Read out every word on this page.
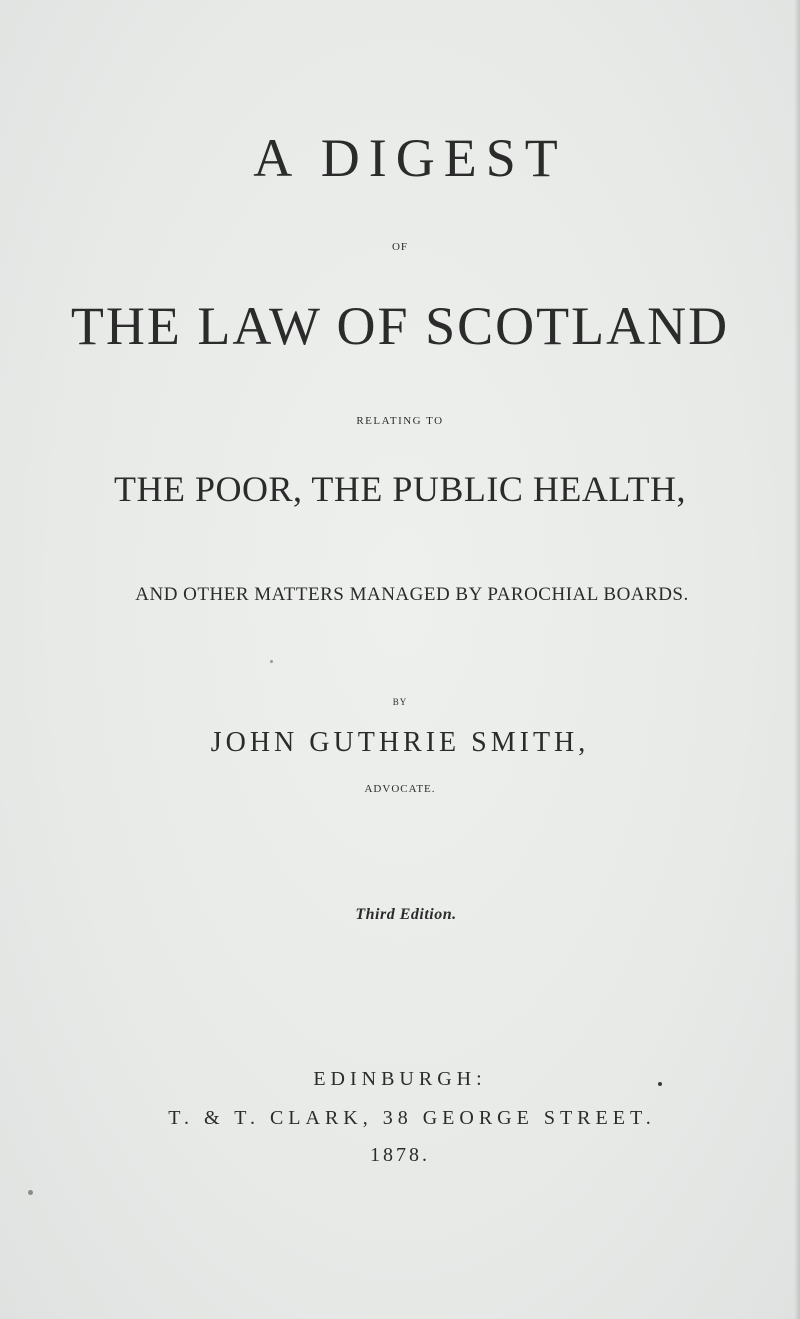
A DIGEST
OF
THE LAW OF SCOTLAND
RELATING TO
THE POOR, THE PUBLIC HEALTH,
AND OTHER MATTERS MANAGED BY PAROCHIAL BOARDS.
BY
JOHN GUTHRIE SMITH,
ADVOCATE.
Third Edition.
EDINBURGH:
T. & T. CLARK, 38 GEORGE STREET.
1878.
